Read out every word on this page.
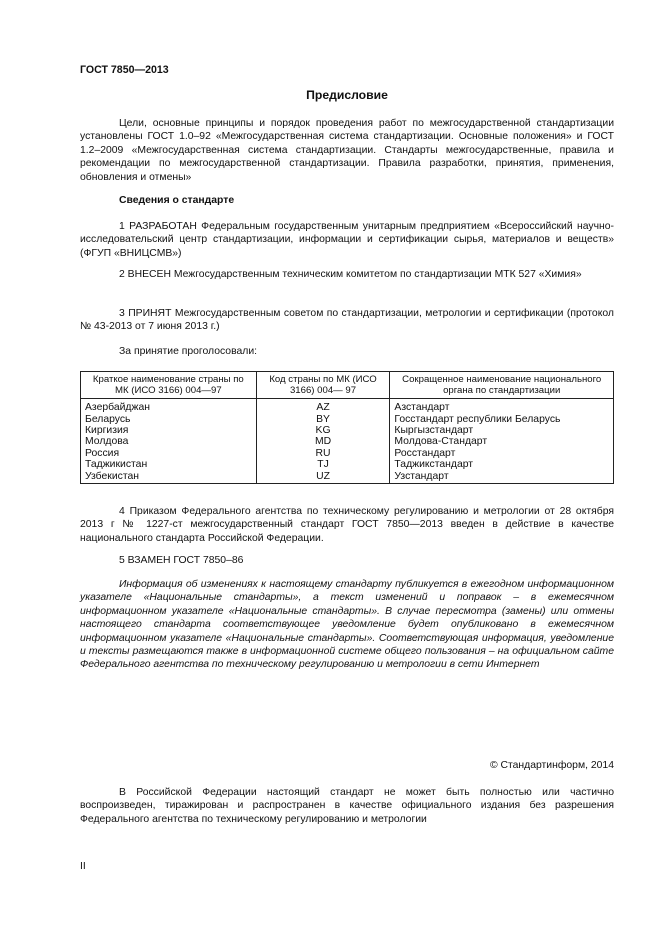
ГОСТ 7850—2013
Предисловие
Цели, основные принципы и порядок проведения работ по межгосударственной стандартизации установлены ГОСТ 1.0–92 «Межгосударственная система стандартизации. Основные положения» и ГОСТ 1.2–2009 «Межгосударственная система стандартизации. Стандарты межгосударственные, правила и рекомендации по межгосударственной стандартизации. Правила разработки, принятия, применения, обновления и отмены»
Сведения о стандарте
1 РАЗРАБОТАН Федеральным государственным унитарным предприятием «Всероссийский научно-исследовательский центр стандартизации, информации и сертификации сырья, материалов и веществ» (ФГУП «ВНИЦСМВ»)
2 ВНЕСЕН Межгосударственным техническим комитетом по стандартизации МТК 527 «Химия»
3 ПРИНЯТ Межгосударственным советом по стандартизации, метрологии и сертификации (протокол № 43-2013 от 7 июня 2013 г.)
За принятие проголосовали:
Краткое наименование страны по МК (ИСО 3166) 004—97	Код страны по МК (ИСО 3166) 004— 97	Сокращенное наименование национального органа по стандартизации
Азербайджан	AZ	Азстандарт
Беларусь	BY	Госстандарт республики Беларусь
Киргизия	KG	Кыргызстандарт
Молдова	MD	Молдова-Стандарт
Россия	RU	Росстандарт
Таджикистан	TJ	Таджикстандарт
Узбекистан	UZ	Узстандарт
4 Приказом Федерального агентства по техническому регулированию и метрологии от 28 октября 2013 г № 1227-ст межгосударственный стандарт ГОСТ 7850—2013 введен в действие в качестве национального стандарта Российской Федерации.
5 ВЗАМЕН ГОСТ 7850–86
Информация об изменениях к настоящему стандарту публикуется в ежегодном информационном указателе «Национальные стандарты», а текст изменений и поправок – в ежемесячном информационном указателе «Национальные стандарты». В случае пересмотра (замены) или отмены настоящего стандарта соответствующее уведомление будет опубликовано в ежемесячном информационном указателе «Национальные стандарты». Соответствующая информация, уведомление и тексты размещаются также в информационной системе общего пользования – на официальном сайте Федерального агентства по техническому регулированию и метрологии в сети Интернет
© Стандартинформ, 2014
В Российской Федерации настоящий стандарт не может быть полностью или частично воспроизведен, тиражирован и распространен в качестве официального издания без разрешения Федерального агентства по техническому регулированию и метрологии
II
